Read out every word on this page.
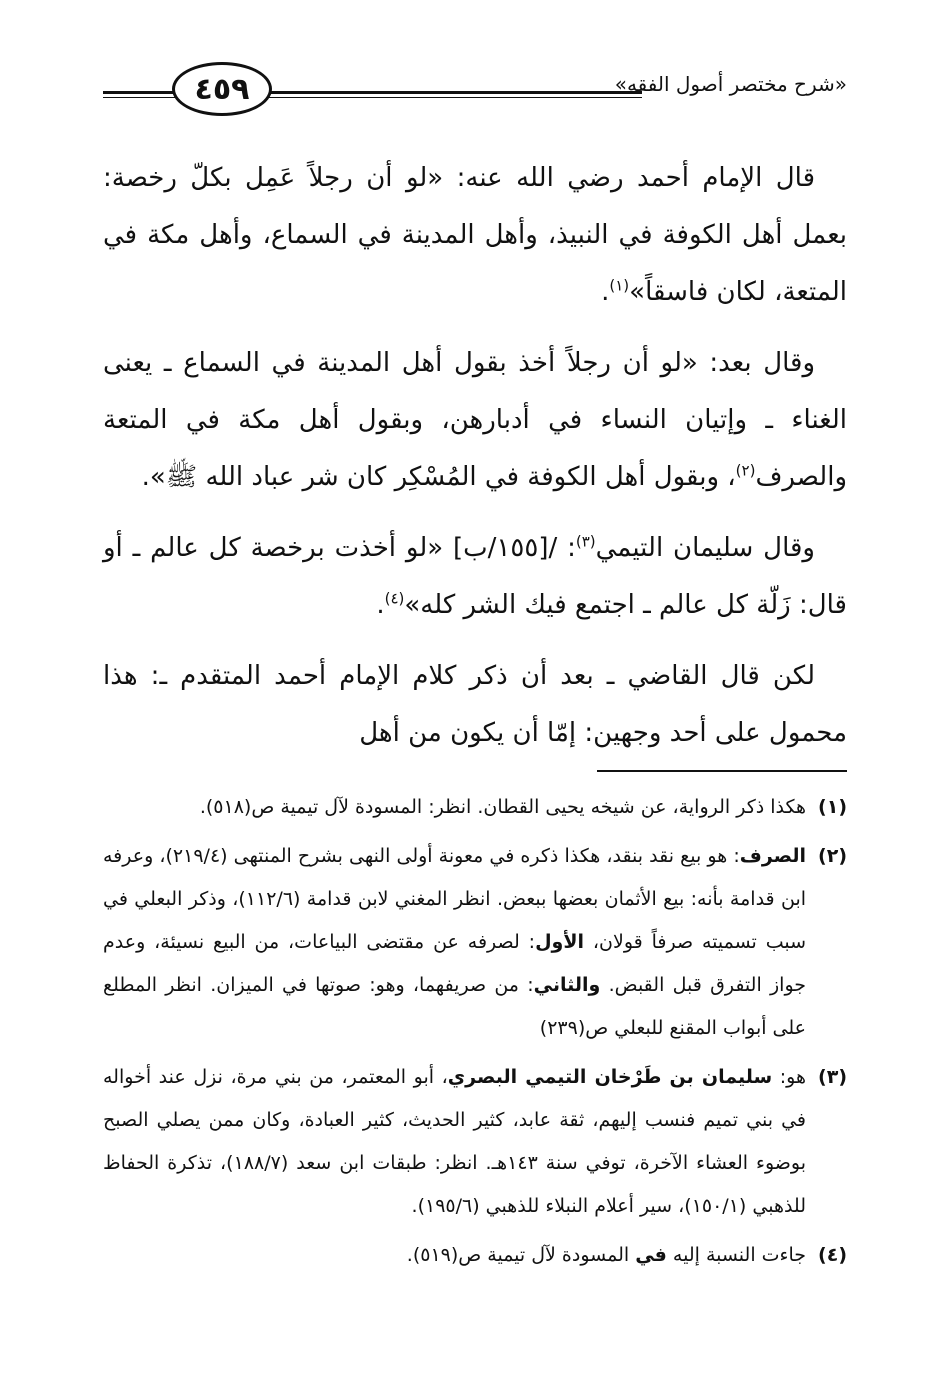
٤٥٩	«شرح مختصر أصول الفقه»

قال الإمام أحمد رضي الله عنه: «لو أن رجلاً عَمِل بكلّ رخصة: بعمل أهل الكوفة في النبيذ، وأهل المدينة في السماع، وأهل مكة في المتعة، لكان فاسقاً»$^{(١)}$.

وقال بعد: «لو أن رجلاً أخذ بقول أهل المدينة في السماع ـ يعنى الغناء ـ وإتيان النساء في أدبارهن، وبقول أهل مكة في المتعة والصرف$^{(٢)}$، وبقول أهل الكوفة في المُسْكِر كان شر عباد الله ﷺ».

وقال سليمان التيمي$^{(٣)}$: /[١٥٥/ب] «لو أخذت برخصة كل عالم ـ أو قال: زَلّة كل عالم ـ اجتمع فيك الشر كله»$^{(٤)}$.

لكن قال القاضي ـ بعد أن ذكر كلام الإمام أحمد المتقدم ـ: هذا محمول على أحد وجهين: إمّا أن يكون من أهل

(١)
هكذا ذكر الرواية، عن شيخه يحيى القطان. انظر: المسودة لآل تيمية ص(٥١٨).
(٢)
الصرف: هو بيع نقد بنقد، هكذا ذكره في معونة أولى النهى بشرح المنتهى (٢١٩/٤)، وعرفه ابن قدامة بأنه: بيع الأثمان بعضها ببعض. انظر المغني لابن قدامة (١١٢/٦)، وذكر البعلي في سبب تسميته صرفاً قولان، الأول: لصرفه عن مقتضى البياعات، من البيع نسيئة، وعدم جواز التفرق قبل القبض. والثاني: من صريفهما، وهو: صوتها في الميزان. انظر المطلع على أبواب المقنع للبعلي ص(٢٣٩)
(٣)
هو: سليمان بن طَرْخان التيمي البصري، أبو المعتمر، من بني مرة، نزل عند أخواله في بني تميم فنسب إليهم، ثقة عابد، كثير الحديث، كثير العبادة، وكان ممن يصلي الصبح بوضوء العشاء الآخرة، توفي سنة ١٤٣هـ. انظر: طبقات ابن سعد (١٨٨/٧)، تذكرة الحفاظ للذهبي (١٥٠/١)، سير أعلام النبلاء للذهبي (١٩٥/٦).
(٤)
جاءت النسبة إليه في المسودة لآل تيمية ص(٥١٩).
